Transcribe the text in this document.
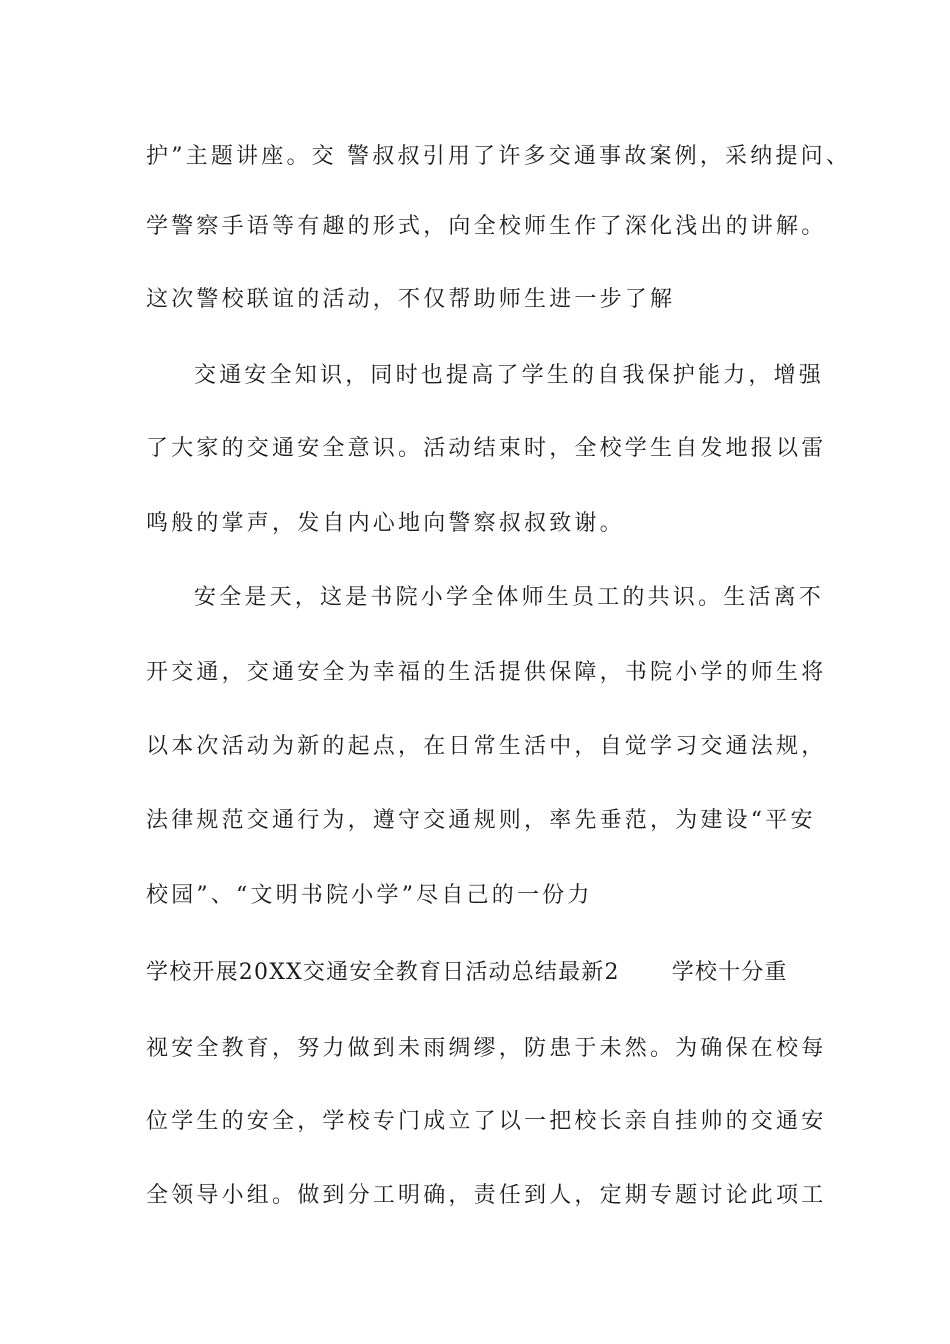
护”主题讲座。交 警叔叔引用了许多交通事故案例，采纳提问、
学警察手语等有趣的形式，向全校师生作了深化浅出的讲解。
这次警校联谊的活动，不仅帮助师生进一步了解
交通安全知识，同时也提高了学生的自我保护能力，增强
了大家的交通安全意识。活动结束时，全校学生自发地报以雷
鸣般的掌声，发自内心地向警察叔叔致谢。
安全是天，这是书院小学全体师生员工的共识。生活离不
开交通，交通安全为幸福的生活提供保障，书院小学的师生将
以本次活动为新的起点，在日常生活中，自觉学习交通法规，
法律规范交通行为，遵守交通规则，率先垂范，为建设“平安
校园”、“文明书院小学”尽自己的一份力
学校开展20XX交通安全教育日活动总结最新2 学校十分重
视安全教育，努力做到未雨绸缪，防患于未然。为确保在校每
位学生的安全，学校专门成立了以一把校长亲自挂帅的交通安
全领导小组。做到分工明确，责任到人，定期专题讨论此项工
